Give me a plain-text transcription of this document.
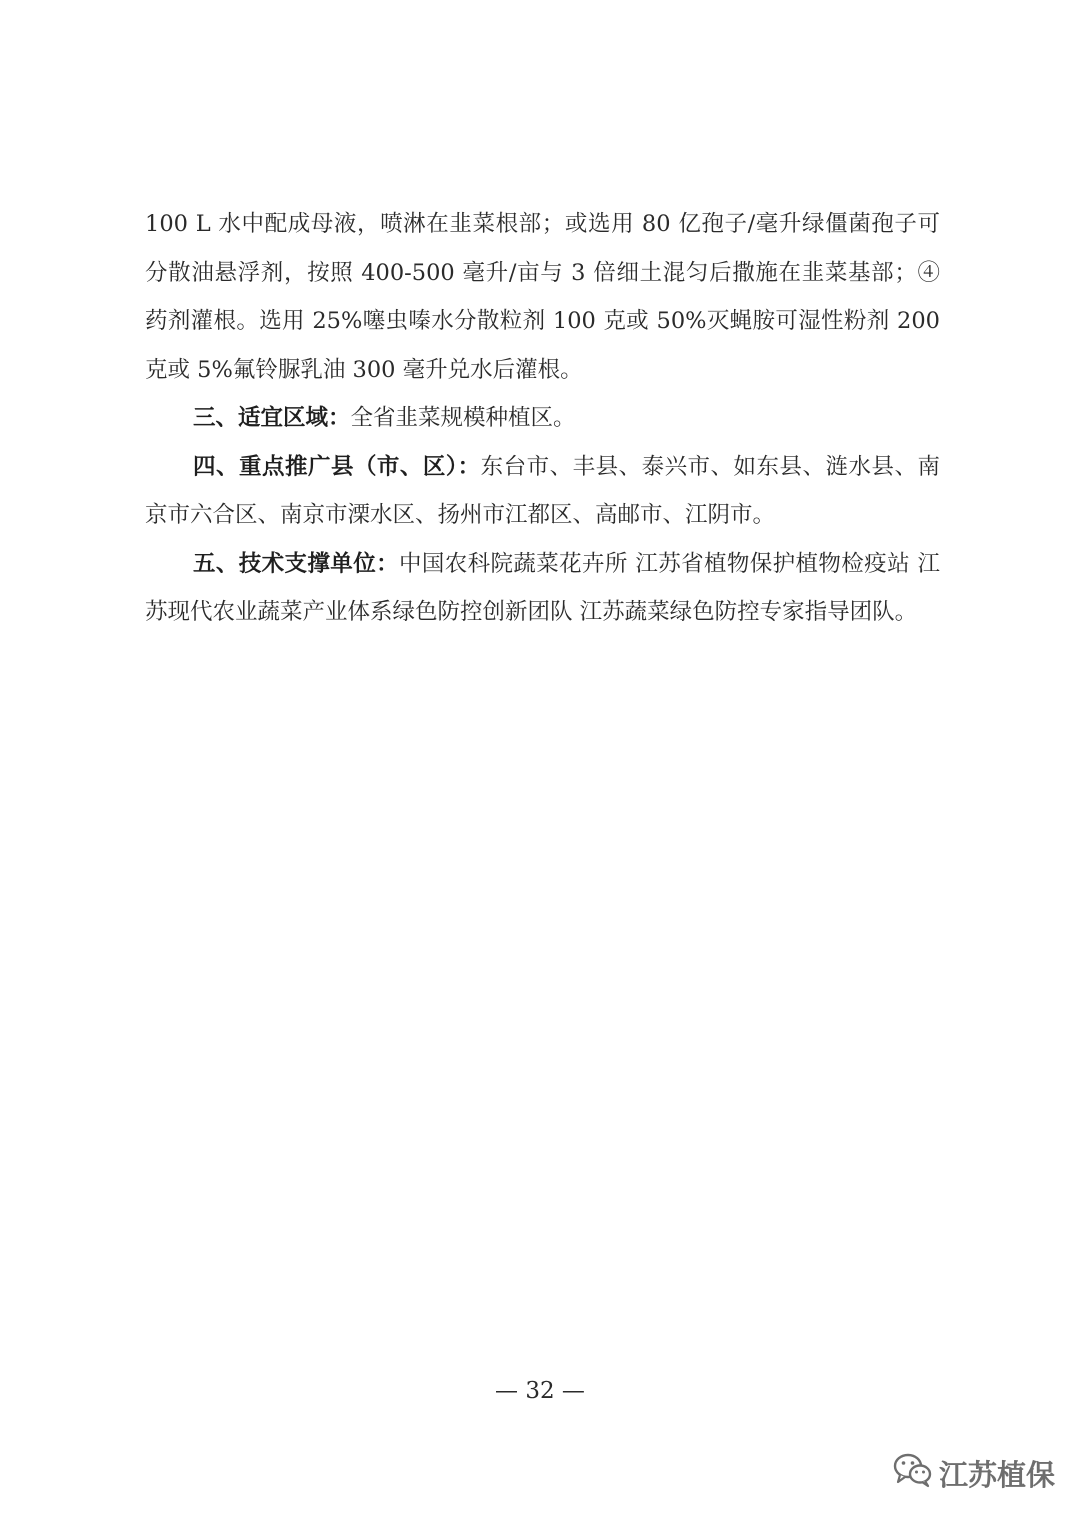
100 L 水中配成母液，喷淋在韭菜根部；或选用 80 亿孢子/毫升绿僵菌孢子可分散油悬浮剂，按照 400-500 毫升/亩与 3 倍细土混匀后撒施在韭菜基部；④药剂灌根。选用 25%噻虫嗪水分散粒剂 100 克或 50%灭蝇胺可湿性粉剂 200 克或 5%氟铃脲乳油 300 毫升兑水后灌根。

三、适宜区域：全省韭菜规模种植区。

四、重点推广县（市、区）：东台市、丰县、泰兴市、如东县、涟水县、南京市六合区、南京市溧水区、扬州市江都区、高邮市、江阴市。

五、技术支撑单位：中国农科院蔬菜花卉所 江苏省植物保护植物检疫站 江苏现代农业蔬菜产业体系绿色防控创新团队 江苏蔬菜绿色防控专家指导团队。

— 32 —
江苏植保
